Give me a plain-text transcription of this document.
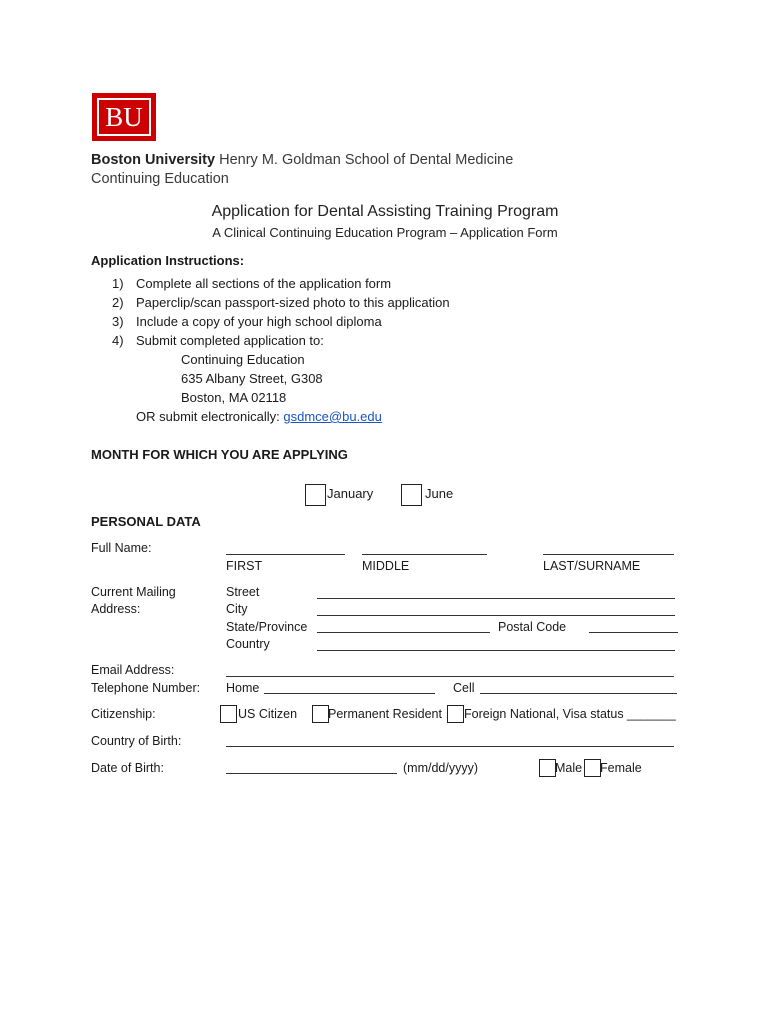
BU
Boston University Henry M. Goldman School of Dental Medicine
Continuing Education
Application for Dental Assisting Training Program
A Clinical Continuing Education Program – Application Form
Application Instructions:
1) Complete all sections of the application form
2) Paperclip/scan passport-sized photo to this application
3) Include a copy of your high school diploma
4) Submit completed application to:
Continuing Education
635 Albany Street, G308
Boston, MA 02118
OR submit electronically: gsdmce@bu.edu
MONTH FOR WHICH YOU ARE APPLYING
January	June
PERSONAL DATA
Full Name:
FIRST	MIDDLE	LAST/SURNAME
Current Mailing
Address:
Street
City
State/Province	Postal Code
Country
Email Address:
Telephone Number: Home	Cell
Citizenship:	US Citizen Permanent Resident Foreign National, Visa status _______
Country of Birth:
Date of Birth:	(mm/dd/yyyy)	Male Female
